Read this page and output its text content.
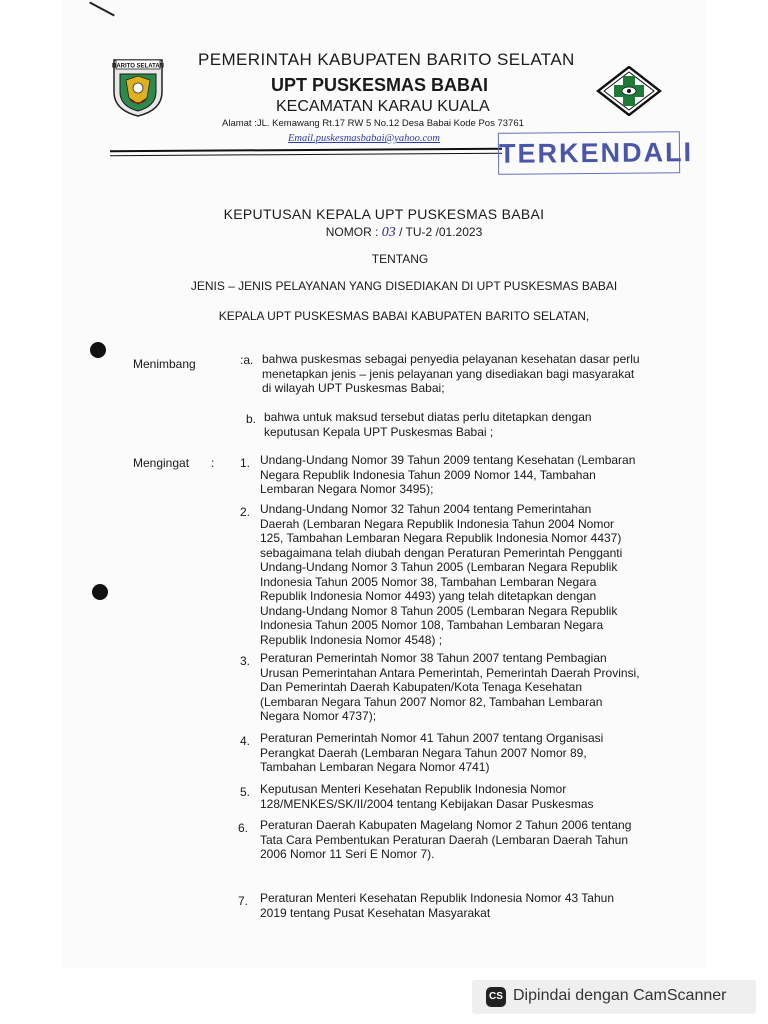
BARITO SELATAN PEMERINTAH KABUPATEN BARITO SELATAN
UPT PUSKESMAS BABAI
KECAMATAN KARAU KUALA
Alamat :JL. Kemawang Rt.17 RW 5 No.12 Desa Babai Kode Pos 73761
Email.puskesmasbabai@yahoo.com TERKENDALI
KEPUTUSAN KEPALA UPT PUSKESMAS BABAI
NOMOR : 03 / TU-2 /01.2023
TENTANG
JENIS – JENIS PELAYANAN YANG DISEDIAKAN DI UPT PUSKESMAS BABAI
KEPALA UPT PUSKESMAS BABAI KABUPATEN BARITO SELATAN,
Menimbang	:a. bahwa puskesmas sebagai penyedia pelayanan kesehatan dasar perlu
menetapkan jenis – jenis pelayanan yang disediakan bagi masyarakat
di wilayah UPT Puskesmas Babai;
b. bahwa untuk maksud tersebut diatas perlu ditetapkan dengan
keputusan Kepala UPT Puskesmas Babai ;
Mengingat : 1. Undang-Undang Nomor 39 Tahun 2009 tentang Kesehatan (Lembaran
Negara Republik Indonesia Tahun 2009 Nomor 144, Tambahan
Lembaran Negara Nomor 3495);
2. Undang-Undang Nomor 32 Tahun 2004 tentang Pemerintahan
Daerah (Lembaran Negara Republik Indonesia Tahun 2004 Nomor
125, Tambahan Lembaran Negara Republik Indonesia Nomor 4437)
sebagaimana telah diubah dengan Peraturan Pemerintah Pengganti
Undang-Undang Nomor 3 Tahun 2005 (Lembaran Negara Republik
Indonesia Tahun 2005 Nomor 38, Tambahan Lembaran Negara
Republik Indonesia Nomor 4493) yang telah ditetapkan dengan
Undang-Undang Nomor 8 Tahun 2005 (Lembaran Negara Republik
Indonesia Tahun 2005 Nomor 108, Tambahan Lembaran Negara
Republik Indonesia Nomor 4548) ;
3. Peraturan Pemerintah Nomor 38 Tahun 2007 tentang Pembagian
Urusan Pemerintahan Antara Pemerintah, Pemerintah Daerah Provinsi,
Dan Pemerintah Daerah Kabupaten/Kota Tenaga Kesehatan
(Lembaran Negara Tahun 2007 Nomor 82, Tambahan Lembaran
Negara Nomor 4737);
4. Peraturan Pemerintah Nomor 41 Tahun 2007 tentang Organisasi
Perangkat Daerah (Lembaran Negara Tahun 2007 Nomor 89,
Tambahan Lembaran Negara Nomor 4741)
5. Keputusan Menteri Kesehatan Republik Indonesia Nomor
128/MENKES/SK/II/2004 tentang Kebijakan Dasar Puskesmas
6. Peraturan Daerah Kabupaten Magelang Nomor 2 Tahun 2006 tentang
Tata Cara Pembentukan Peraturan Daerah (Lembaran Daerah Tahun
2006 Nomor 11 Seri E Nomor 7).
7. Peraturan Menteri Kesehatan Republik Indonesia Nomor 43 Tahun
2019 tentang Pusat Kesehatan Masyarakat
CS Dipindai dengan CamScanner
